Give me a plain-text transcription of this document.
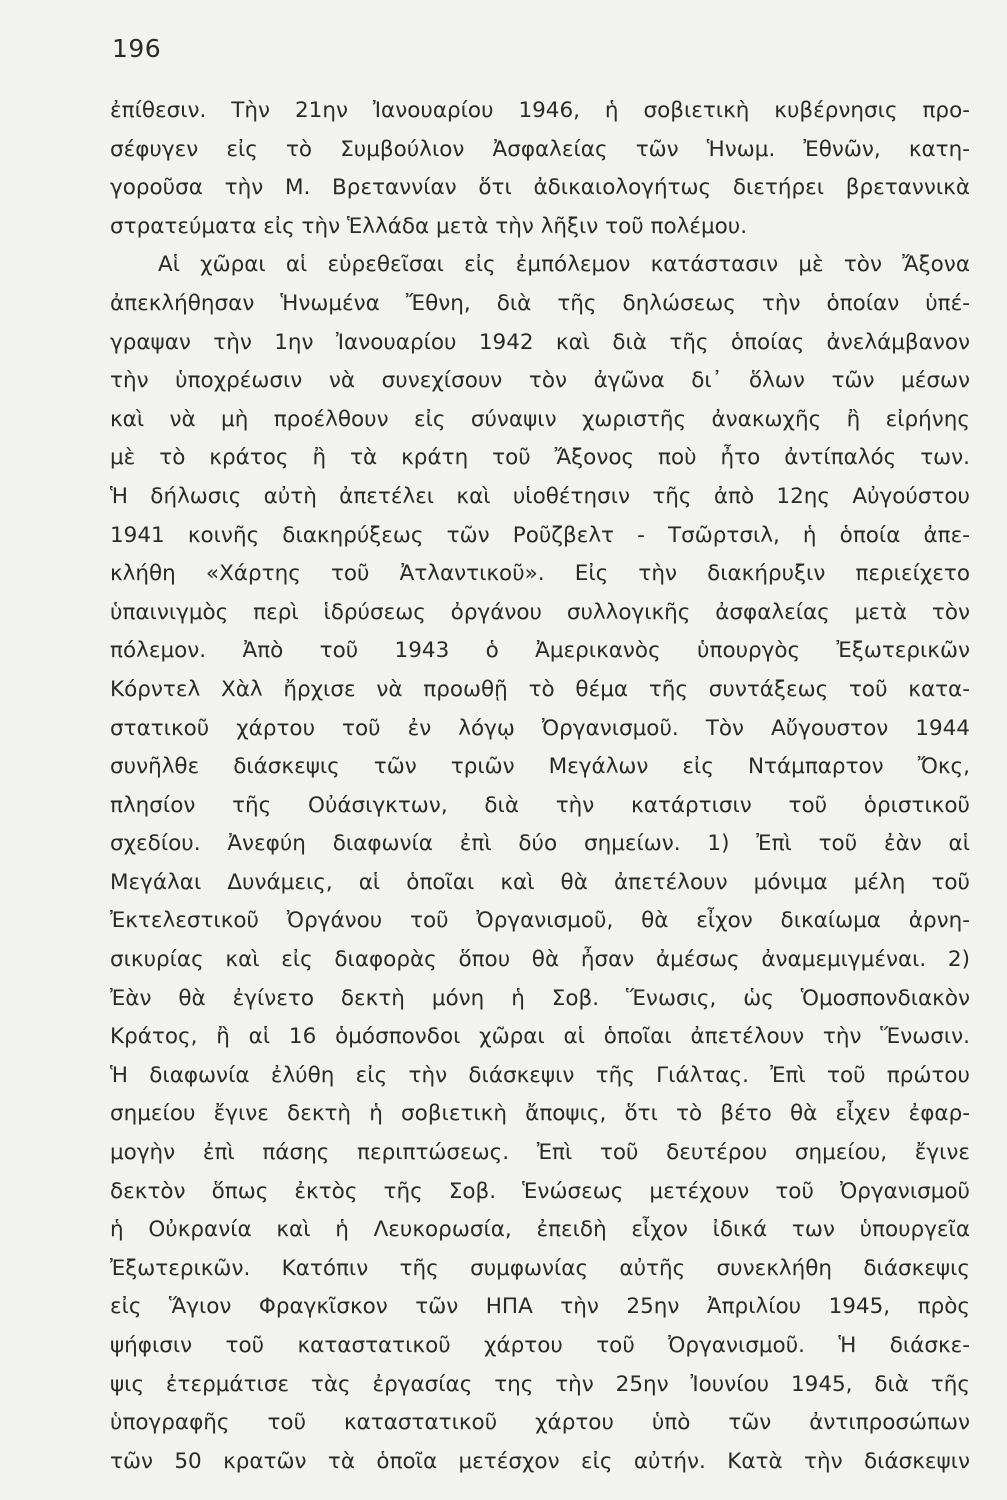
196
ἐπίθεσιν. Τὴν 21ην Ἰανουαρίου 1946, ἡ σοβιετικὴ κυβέρνησις προ-
σέφυγεν εἰς τὸ Συμβούλιον Ἀσφαλείας τῶν Ἡνωμ. Ἐθνῶν, κατη-
γοροῦσα τὴν Μ. Βρεταννίαν ὅτι ἀδικαιολογήτως διετήρει βρεταννικὰ
στρατεύματα εἰς τὴν Ἑλλάδα μετὰ τὴν λῆξιν τοῦ πολέμου.
Αἱ χῶραι αἱ εὑρεθεῖσαι εἰς ἐμπόλεμον κατάστασιν μὲ τὸν Ἄξονα
ἀπεκλήθησαν Ἡνωμένα Ἔθνη, διὰ τῆς δηλώσεως τὴν ὁποίαν ὑπέ-
γραψαν τὴν 1ην Ἰανουαρίου 1942 καὶ διὰ τῆς ὁποίας ἀνελάμβανον
τὴν ὑποχρέωσιν νὰ συνεχίσουν τὸν ἀγῶνα δι᾽ ὅλων τῶν μέσων
καὶ νὰ μὴ προέλθουν εἰς σύναψιν χωριστῆς ἀνακωχῆς ἢ εἰρήνης
μὲ τὸ κράτος ἢ τὰ κράτη τοῦ Ἄξονος ποὺ ἦτο ἀντίπαλός των.
Ἡ δήλωσις αὐτὴ ἀπετέλει καὶ υἱοθέτησιν τῆς ἀπὸ 12ης Αὐγούστου
1941 κοινῆς διακηρύξεως τῶν Ροῦζβελτ - Τσῶρτσιλ, ἡ ὁποία ἀπε-
κλήθη «Χάρτης τοῦ Ἀτλαντικοῦ». Εἰς τὴν διακήρυξιν περιείχετο
ὑπαινιγμὸς περὶ ἱδρύσεως ὀργάνου συλλογικῆς ἀσφαλείας μετὰ τὸν
πόλεμον. Ἀπὸ τοῦ 1943 ὁ Ἀμερικανὸς ὑπουργὸς Ἐξωτερικῶν
Κόρντελ Χὰλ ἤρχισε νὰ προωθῇ τὸ θέμα τῆς συντάξεως τοῦ κατα-
στατικοῦ χάρτου τοῦ ἐν λόγῳ Ὀργανισμοῦ. Τὸν Αὔγουστον 1944
συνῆλθε διάσκεψις τῶν τριῶν Μεγάλων εἰς Ντάμπαρτον Ὄκς,
πλησίον τῆς Οὐάσιγκτων, διὰ τὴν κατάρτισιν τοῦ ὁριστικοῦ
σχεδίου. Ἀνεφύη διαφωνία ἐπὶ δύο σημείων. 1) Ἐπὶ τοῦ ἐὰν αἱ
Μεγάλαι Δυνάμεις, αἱ ὁποῖαι καὶ θὰ ἀπετέλουν μόνιμα μέλη τοῦ
Ἐκτελεστικοῦ Ὀργάνου τοῦ Ὀργανισμοῦ, θὰ εἶχον δικαίωμα ἀρνη-
σικυρίας καὶ εἰς διαφορὰς ὅπου θὰ ἦσαν ἀμέσως ἀναμεμιγμέναι. 2)
Ἐὰν θὰ ἐγίνετο δεκτὴ μόνη ἡ Σοβ. Ἕνωσις, ὡς Ὁμοσπονδιακὸν
Κράτος, ἢ αἱ 16 ὁμόσπονδοι χῶραι αἱ ὁποῖαι ἀπετέλουν τὴν Ἕνωσιν.
Ἡ διαφωνία ἐλύθη εἰς τὴν διάσκεψιν τῆς Γιάλτας. Ἐπὶ τοῦ πρώτου
σημείου ἔγινε δεκτὴ ἡ σοβιετικὴ ἄποψις, ὅτι τὸ βέτο θὰ εἶχεν ἐφαρ-
μογὴν ἐπὶ πάσης περιπτώσεως. Ἐπὶ τοῦ δευτέρου σημείου, ἔγινε
δεκτὸν ὅπως ἐκτὸς τῆς Σοβ. Ἑνώσεως μετέχουν τοῦ Ὀργανισμοῦ
ἡ Οὐκρανία καὶ ἡ Λευκορωσία, ἐπειδὴ εἶχον ἰδικά των ὑπουργεῖα
Ἐξωτερικῶν. Κατόπιν τῆς συμφωνίας αὐτῆς συνεκλήθη διάσκεψις
εἰς Ἅγιον Φραγκῖσκον τῶν ΗΠΑ τὴν 25ην Ἀπριλίου 1945, πρὸς
ψήφισιν τοῦ καταστατικοῦ χάρτου τοῦ Ὀργανισμοῦ. Ἡ διάσκε-
ψις ἐτερμάτισε τὰς ἐργασίας της τὴν 25ην Ἰουνίου 1945, διὰ τῆς
ὑπογραφῆς τοῦ καταστατικοῦ χάρτου ὑπὸ τῶν ἀντιπροσώπων
τῶν 50 κρατῶν τὰ ὁποῖα μετέσχον εἰς αὐτήν. Κατὰ τὴν διάσκεψιν
